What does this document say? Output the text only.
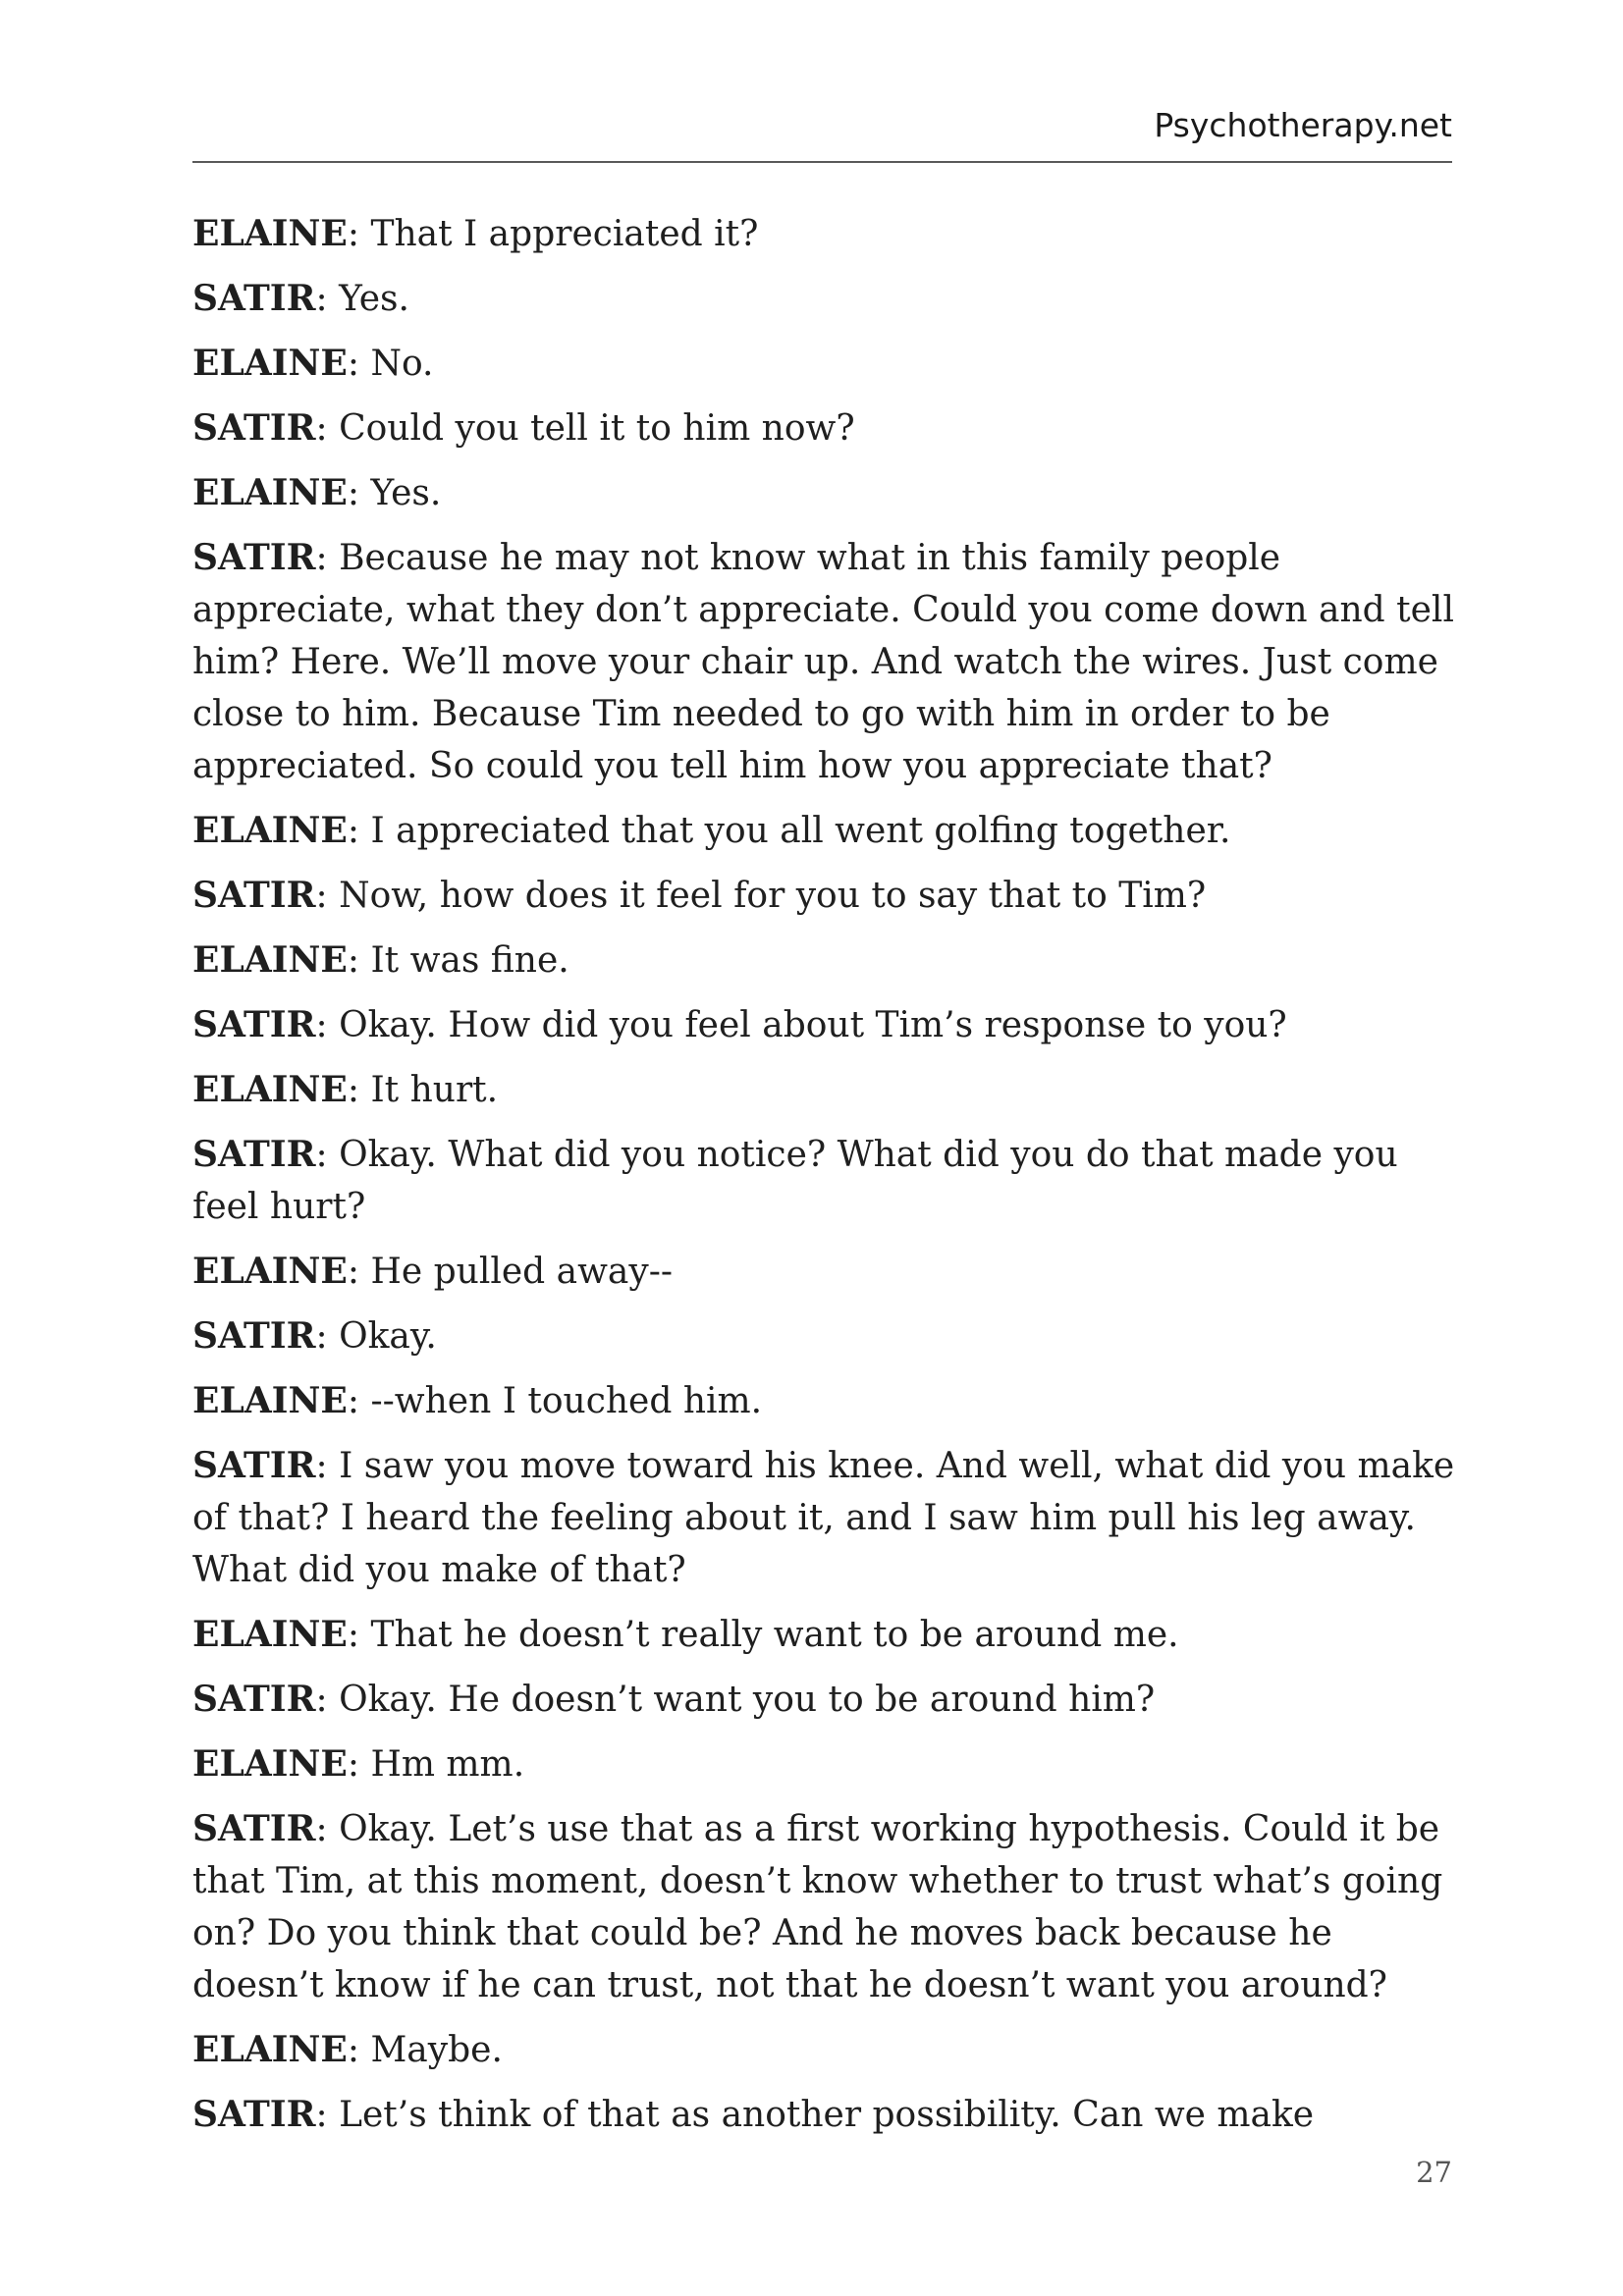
Psychotherapy.net

ELAINE: That I appreciated it?

SATIR: Yes.

ELAINE: No.

SATIR: Could you tell it to him now?

ELAINE: Yes.

SATIR: Because he may not know what in this family people appreciate, what they don’t appreciate. Could you come down and tell him? Here. We’ll move your chair up. And watch the wires. Just come close to him. Because Tim needed to go with him in order to be appreciated. So could you tell him how you appreciate that?

ELAINE: I appreciated that you all went golfing together.

SATIR: Now, how does it feel for you to say that to Tim?

ELAINE: It was fine.

SATIR: Okay. How did you feel about Tim’s response to you?

ELAINE: It hurt.

SATIR: Okay. What did you notice? What did you do that made you feel hurt?

ELAINE: He pulled away--

SATIR: Okay.

ELAINE: --when I touched him.

SATIR: I saw you move toward his knee. And well, what did you make of that? I heard the feeling about it, and I saw him pull his leg away. What did you make of that?

ELAINE: That he doesn’t really want to be around me.

SATIR: Okay. He doesn’t want you to be around him?

ELAINE: Hm mm.

SATIR: Okay. Let’s use that as a first working hypothesis. Could it be that Tim, at this moment, doesn’t know whether to trust what’s going on? Do you think that could be? And he moves back because he doesn’t know if he can trust, not that he doesn’t want you around?

ELAINE: Maybe.

SATIR: Let’s think of that as another possibility. Can we make

27
